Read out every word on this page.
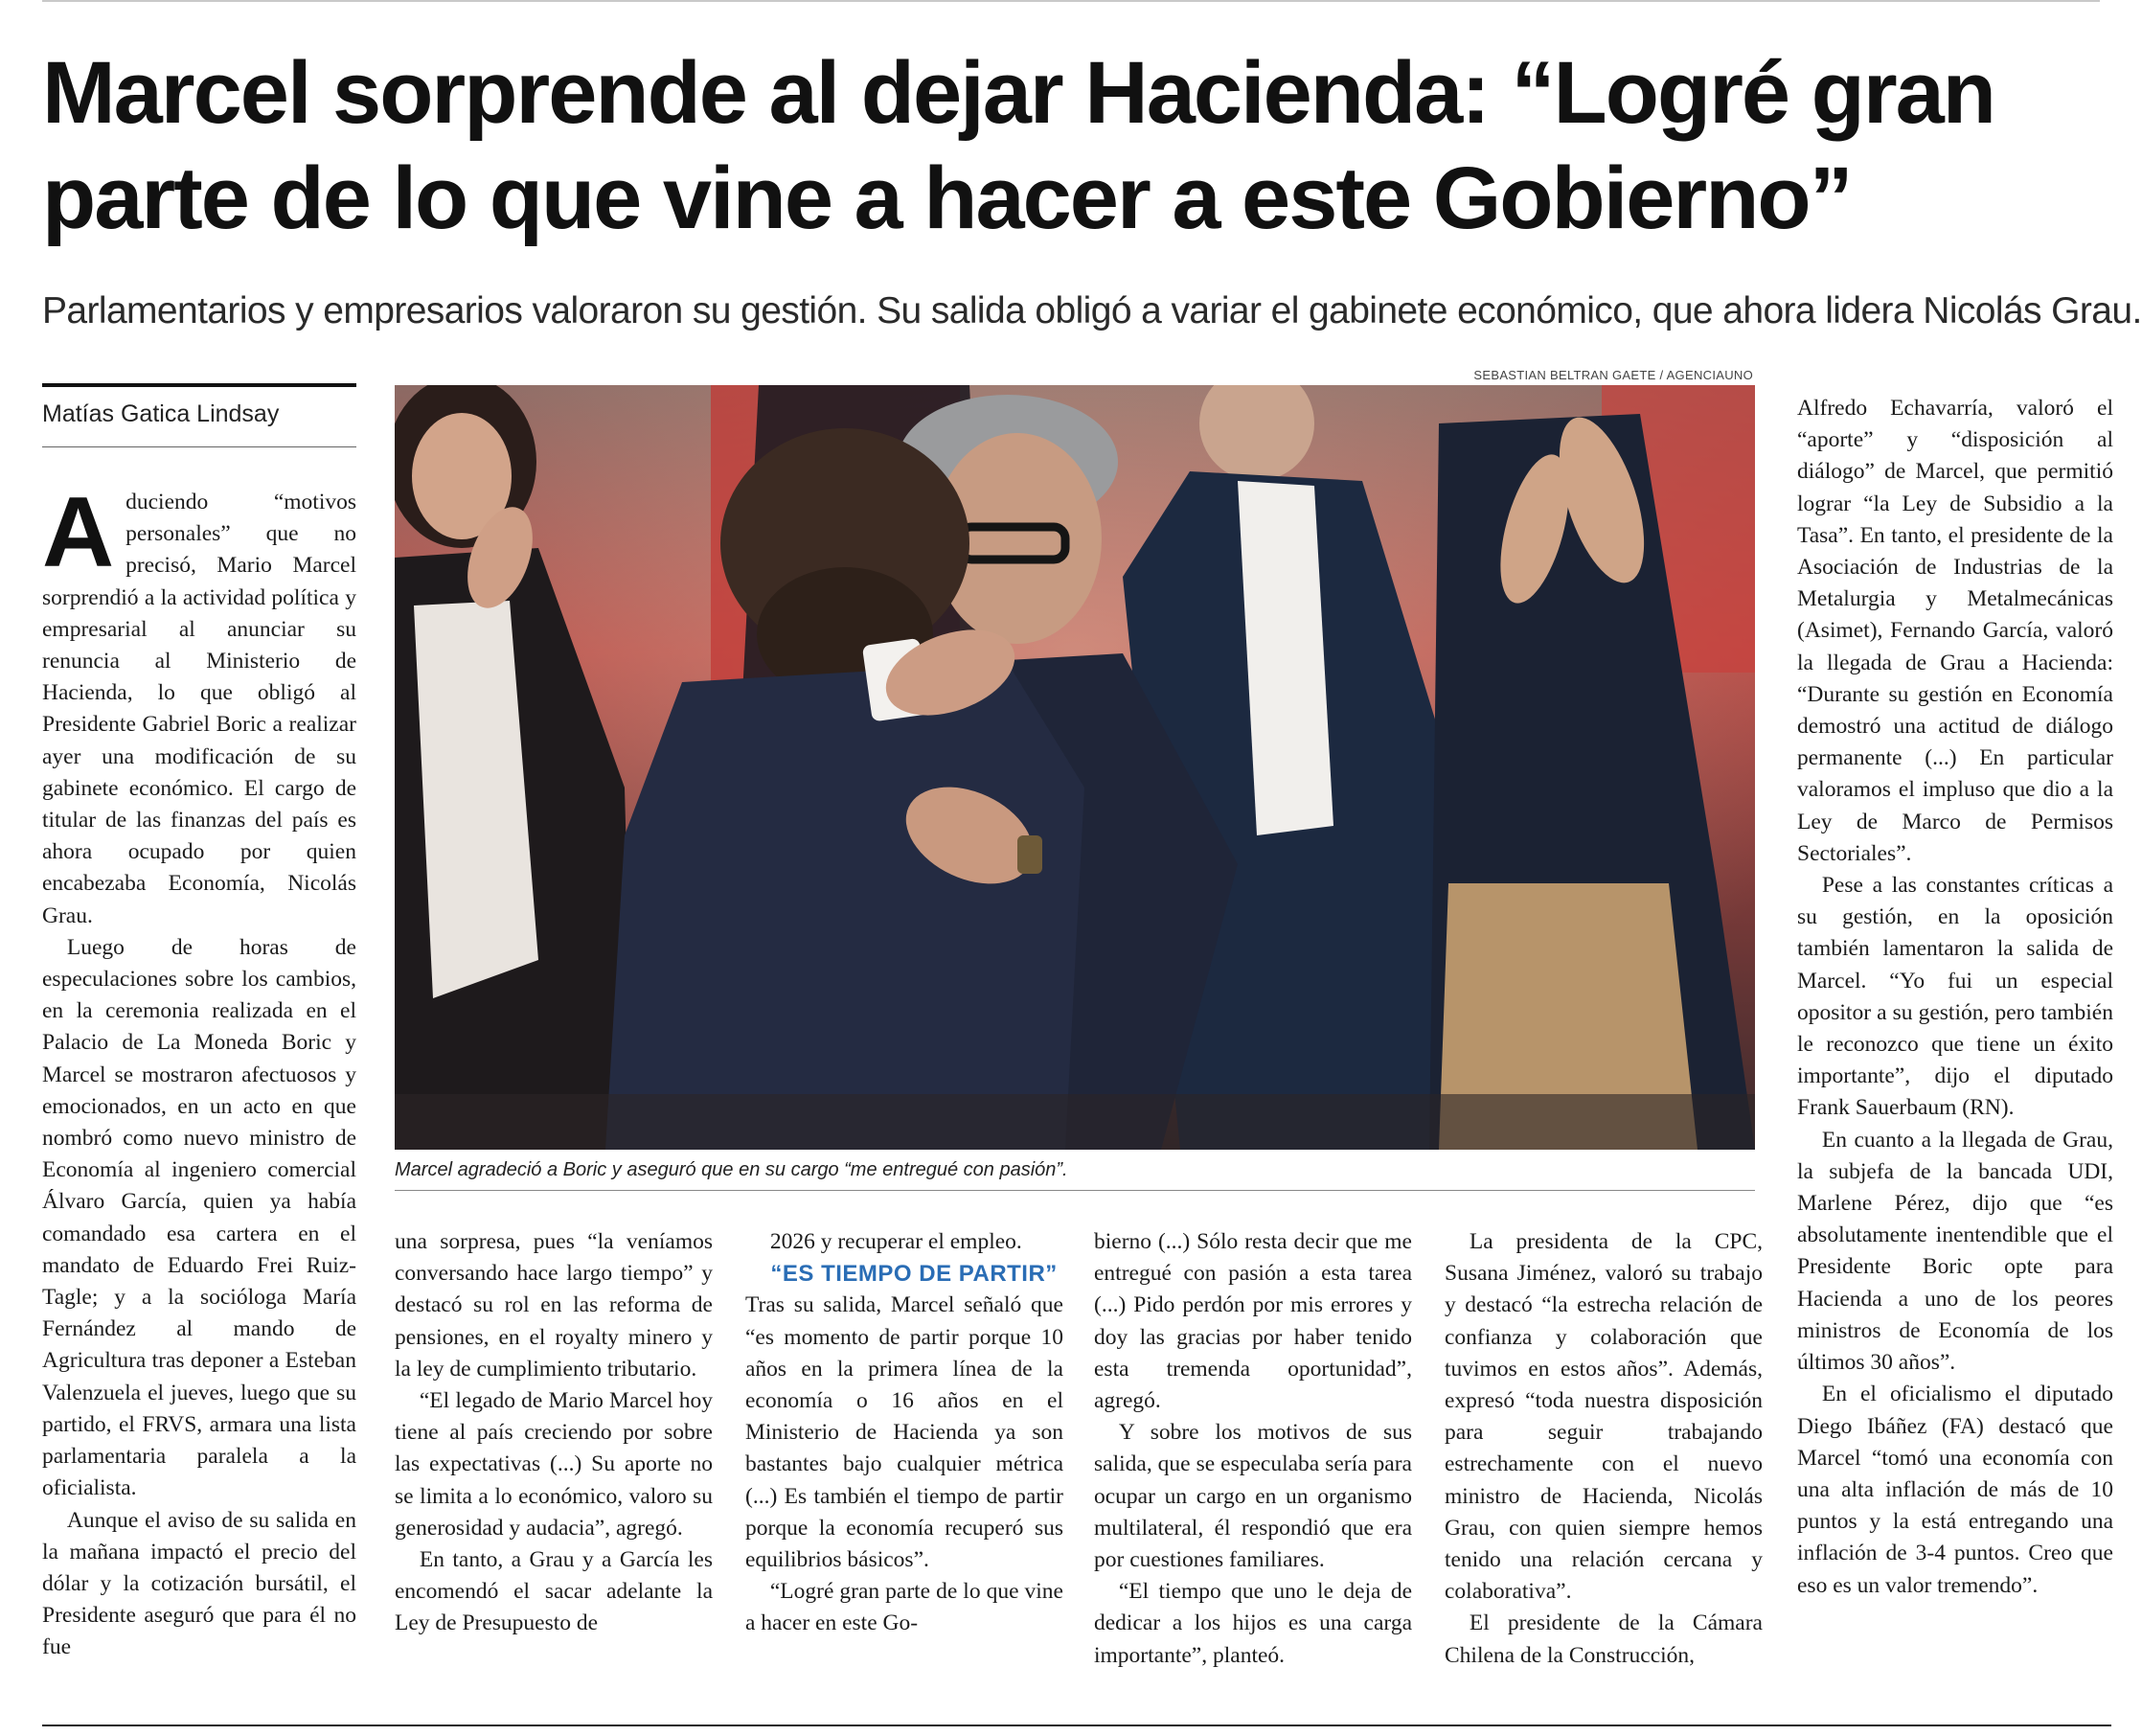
Marcel sorprende al dejar Hacienda: “Logré gran
parte de lo que vine a hacer a este Gobierno”
Parlamentarios y empresarios valoraron su gestión. Su salida obligó a variar el gabinete económico, que ahora lidera Nicolás Grau.
Matías Gatica Lindsay
SEBASTIAN BELTRAN GAETE / AGENCIAUNO
Marcel agradeció a Boric y aseguró que en su cargo “me entregué con pasión”.
A duciendo “motivos personales” que no precisó, Mario Marcel sorprendió a la actividad política y empresarial al anunciar su renuncia al Ministerio de Hacienda, lo que obligó al Presidente Gabriel Boric a realizar ayer una modificación de su gabinete económico. El cargo de titular de las finanzas del país es ahora ocupado por quien encabezaba Economía, Nicolás Grau.

Luego de horas de especulaciones sobre los cambios, en la ceremonia realizada en el Palacio de La Moneda Boric y Marcel se mostraron afectuosos y emocionados, en un acto en que nombró como nuevo ministro de Economía al ingeniero comercial Álvaro García, quien ya había comandado esa cartera en el mandato de Eduardo Frei Ruiz-Tagle; y a la socióloga María Fernández al mando de Agricultura tras deponer a Esteban Valenzuela el jueves, luego que su partido, el FRVS, armara una lista parlamentaria paralela a la oficialista.

Aunque el aviso de su salida en la mañana impactó el precio del dólar y la cotización bursátil, el Presidente aseguró que para él no fue

una sorpresa, pues “la veníamos conversando hace largo tiempo” y destacó su rol en las reforma de pensiones, en el royalty minero y la ley de cumplimiento tributario.

“El legado de Mario Marcel hoy tiene al país creciendo por sobre las expectativas (...) Su aporte no se limita a lo económico, valoro su generosidad y audacia”, agregó.

En tanto, a Grau y a García les encomendó el sacar adelante la Ley de Presupuesto de

2026 y recuperar el empleo.

“ES TIEMPO DE PARTIR”

Tras su salida, Marcel señaló que “es momento de partir porque 10 años en la primera línea de la economía o 16 años en el Ministerio de Hacienda ya son bastantes bajo cualquier métrica (...) Es también el tiempo de partir porque la economía recuperó sus equilibrios básicos”.

“Logré gran parte de lo que vine a hacer en este Go-

bierno (...) Sólo resta decir que me entregué con pasión a esta tarea (...) Pido perdón por mis errores y doy las gracias por haber tenido esta tremenda oportunidad”, agregó.

Y sobre los motivos de sus salida, que se especulaba sería para ocupar un cargo en un organismo multilateral, él respondió que era por cuestiones familiares.

“El tiempo que uno le deja de dedicar a los hijos es una carga importante”, planteó.

La presidenta de la CPC, Susana Jiménez, valoró su trabajo y destacó “la estrecha relación de confianza y colaboración que tuvimos en estos años”. Además, expresó “toda nuestra disposición para seguir trabajando estrechamente con el nuevo ministro de Hacienda, Nicolás Grau, con quien siempre hemos tenido una relación cercana y colaborativa”.

El presidente de la Cámara Chilena de la Construcción,

Alfredo Echavarría, valoró el “aporte” y “disposición al diálogo” de Marcel, que permitió lograr “la Ley de Subsidio a la Tasa”. En tanto, el presidente de la Asociación de Industrias de la Metalurgia y Metalmecánicas (Asimet), Fernando García, valoró la llegada de Grau a Hacienda: “Durante su gestión en Economía demostró una actitud de diálogo permanente (...) En particular valoramos el impluso que dio a la Ley de Marco de Permisos Sectoriales”.

Pese a las constantes críticas a su gestión, en la oposición también lamentaron la salida de Marcel. “Yo fui un especial opositor a su gestión, pero también le reconozco que tiene un éxito importante”, dijo el diputado Frank Sauerbaum (RN).

En cuanto a la llegada de Grau, la subjefa de la bancada UDI, Marlene Pérez, dijo que “es absolutamente inentendible que el Presidente Boric opte para Hacienda a uno de los peores ministros de Economía de los últimos 30 años”.

En el oficialismo el diputado Diego Ibáñez (FA) destacó que Marcel “tomó una economía con una alta inflación de más de 10 puntos y la está entregando una inflación de 3-4 puntos. Creo que eso es un valor tremendo”.
